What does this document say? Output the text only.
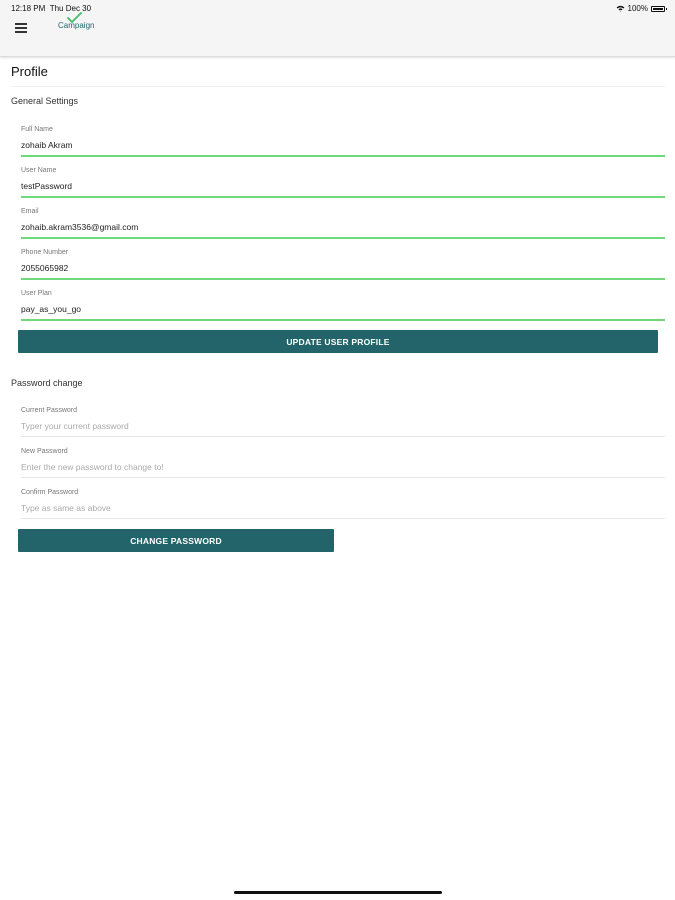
Campaign
12:18 PM Thu Dec 30	100%
Profile
General Settings
Full Name
zohaib Akram
User Name
testPassword
Email
zohaib.akram3536@gmail.com
Phone Number
2055065982
User Plan
pay_as_you_go
UPDATE USER PROFILE
Password change
Current Password
Typer your current password
New Password
Enter the new password to change to!
Confirm Password
Type as same as above
CHANGE PASSWORD
